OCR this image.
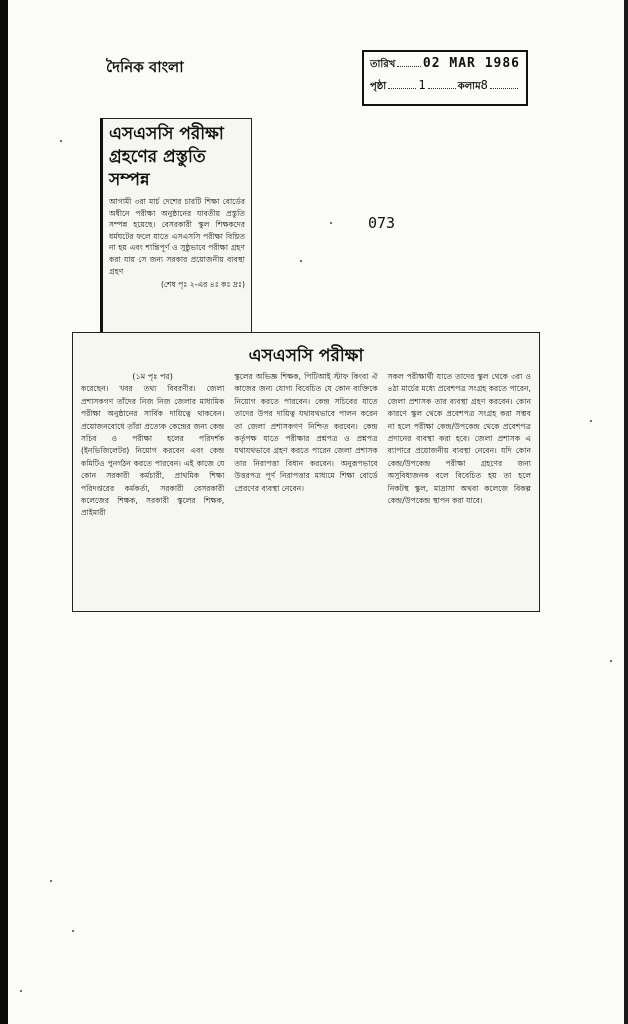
দৈনিক বাংলা	তারিখ 02 MAR 1986
পৃষ্ঠা	1	কলাম 8
073
এসএসসি পরীক্ষা গ্রহণের প্রস্তুতি সম্পন্ন
আগামী ৩রা মার্চ দেশের চারটি শিক্ষা বোর্ডের অধীনে পরীক্ষা অনুষ্ঠানের যাবতীয় প্রস্তুতি সম্পন্ন হয়েছে। বেসরকারী স্কুল শিক্ষকদের ধর্মঘটের ফলে যাতে এসএসসি পরীক্ষা বিঘ্নিত না হয় এবং শান্তিপূর্ণ ও সুষ্ঠুভাবে পরীক্ষা গ্রহণ করা যায় সে জন্য সরকার প্রয়োজনীয় ব্যবস্থা গ্রহণ
(শেষ পৃঃ ২-এর ৪ঃ কঃ দ্রঃ)
এসএসসি পরীক্ষা
(১ম পৃঃ পর)
করেছেন। খবর তথ্য বিবরণীর। জেলা প্রশাসকগণ তাঁদের নিজ নিজ জেলার মাধ্যমিক পরীক্ষা অনুষ্ঠানের সার্বিক দায়িত্বে থাকবেন। প্রয়োজনবোধে তাঁরা প্রত্যেক কেন্দ্রের জন্য কেন্দ্র সচিব ও পরীক্ষা হলের পরিদর্শক (ইনভিজিলেটর) নিয়োগ করবেন এবং কেন্দ্র কমিটিও পুনর্গঠন করতে পারবেন। এই কাজে যে কোন সরকারী কর্মচারী, প্রাথমিক শিক্ষা পরিদপ্তরের কর্মকর্তা, সরকারী বেসরকারী কলেজের শিক্ষক, সরকারী স্কুলের শিক্ষক, প্রাইমারী
স্কুলের অভিজ্ঞ শিক্ষক, পিটিআই স্টাফ কিংবা ঐ কাজের জন্য যোগ্য বিবেচিত যে কোন ব্যক্তিকে নিয়োগ করতে পারবেন। কেন্দ্র সচিবের যাতে তাদের উপর দায়িত্ব যথাযথভাবে পালন করেন তা জেলা প্রশাসকগণ নিশ্চিত করবেন। কেন্দ্র কর্তৃপক্ষ যাতে পরীক্ষার প্রশ্নপত্র ও প্রশ্নপত্র যথাযথভাবে গ্রহণ করতে পারেন জেলা প্রশাসক তার নিরাপত্তা বিধান করবেন। অনুরূপভাবে উত্তরপত্র পূর্ণ নিরাপত্তার মাধ্যমে শিক্ষা বোর্ডে প্রেরণের ব্যবস্থা নেবেন।
সকল পরীক্ষার্থী যাতে তাদের স্কুল থেকে ৩রা ও ৪ঠা মার্চের মধ্যে প্রবেশপত্র সংগ্রহ করতে পারেন, জেলা প্রশাসক তার ব্যবস্থা গ্রহণ করবেন। কোন কারণে স্কুল থেকে প্রবেশপত্র সংগ্রহ করা সম্ভব না হলে পরীক্ষা কেন্দ্র/উপকেন্দ্র থেকে প্রবেশপত্র প্রদানের ব্যবস্থা করা হবে। জেলা প্রশাসক এ ব্যাপারে প্রয়োজনীয় ব্যবস্থা নেবেন। যদি কোন কেন্দ্র/উপকেন্দ্র পরীক্ষা গ্রহণের জন্য অসুবিধাজনক বলে বিবেচিত হয় তা হলে নিকটস্থ স্কুল, মাদ্রাসা অথবা কলেজে বিকল্প কেন্দ্র/উপকেন্দ্র স্থাপন করা যাবে।
